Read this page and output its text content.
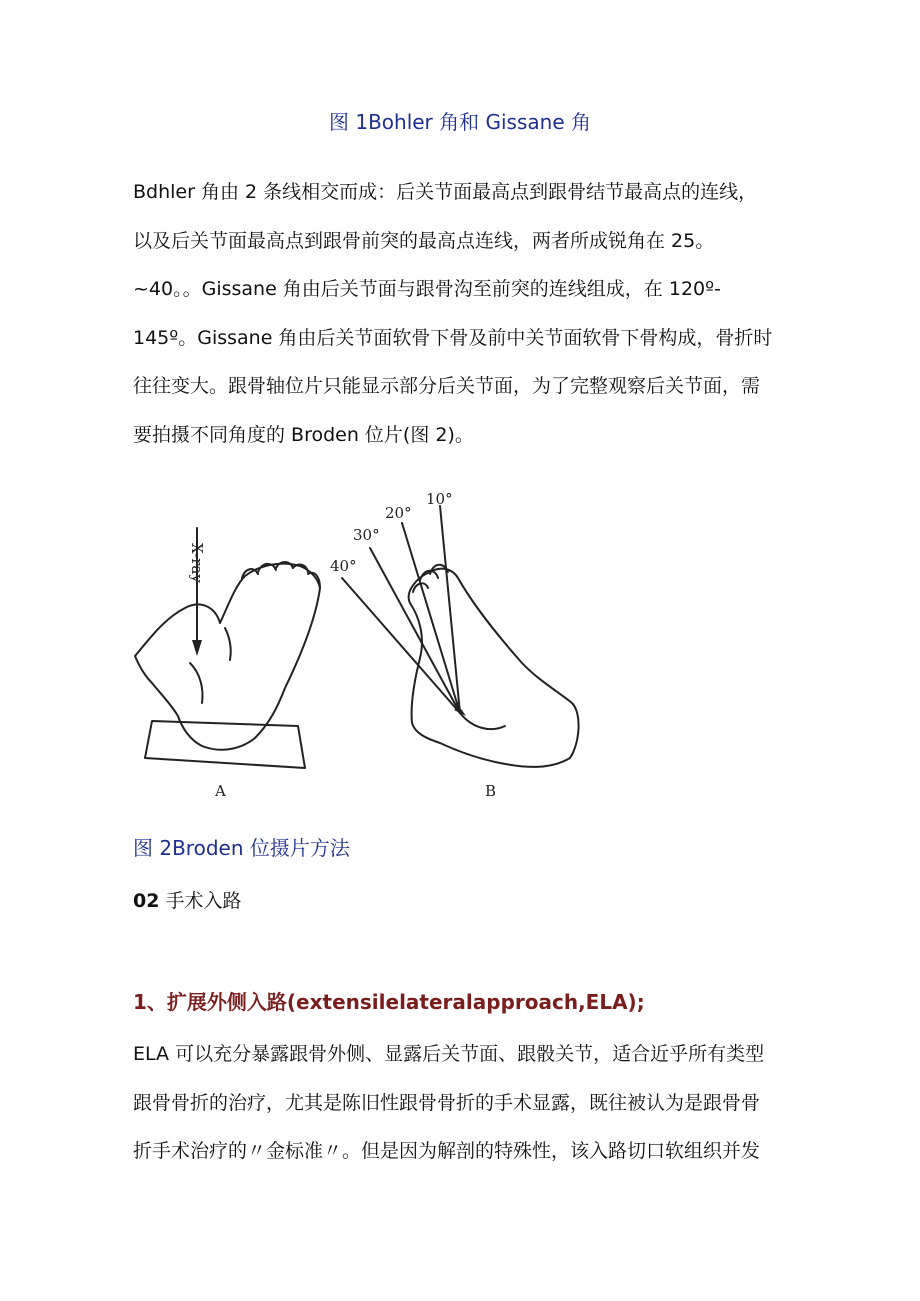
图 1Bohler 角和 Gissane 角

Bdhler 角由 2 条线相交而成：后关节面最高点到跟骨结节最高点的连线，
以及后关节面最高点到跟骨前突的最高点连线，两者所成锐角在 25。
~40。。Gissane 角由后关节面与跟骨沟至前突的连线组成，在 120º-
145º。Gissane 角由后关节面软骨下骨及前中关节面软骨下骨构成，骨折时
往往变大。跟骨轴位片只能显示部分后关节面，为了完整观察后关节面，需
要拍摄不同角度的 Broden 位片(图 2)。

X-ray
A	B
10°
20°
30°
40°
图 2Broden 位摄片方法
02 手术入路
1、扩展外侧入路(extensilelateralapproach,ELA);

ELA 可以充分暴露跟骨外侧、显露后关节面、跟骰关节，适合近乎所有类型
跟骨骨折的治疗，尤其是陈旧性跟骨骨折的手术显露，既往被认为是跟骨骨
折手术治疗的〃金标准〃。但是因为解剖的特殊性，该入路切口软组织并发
